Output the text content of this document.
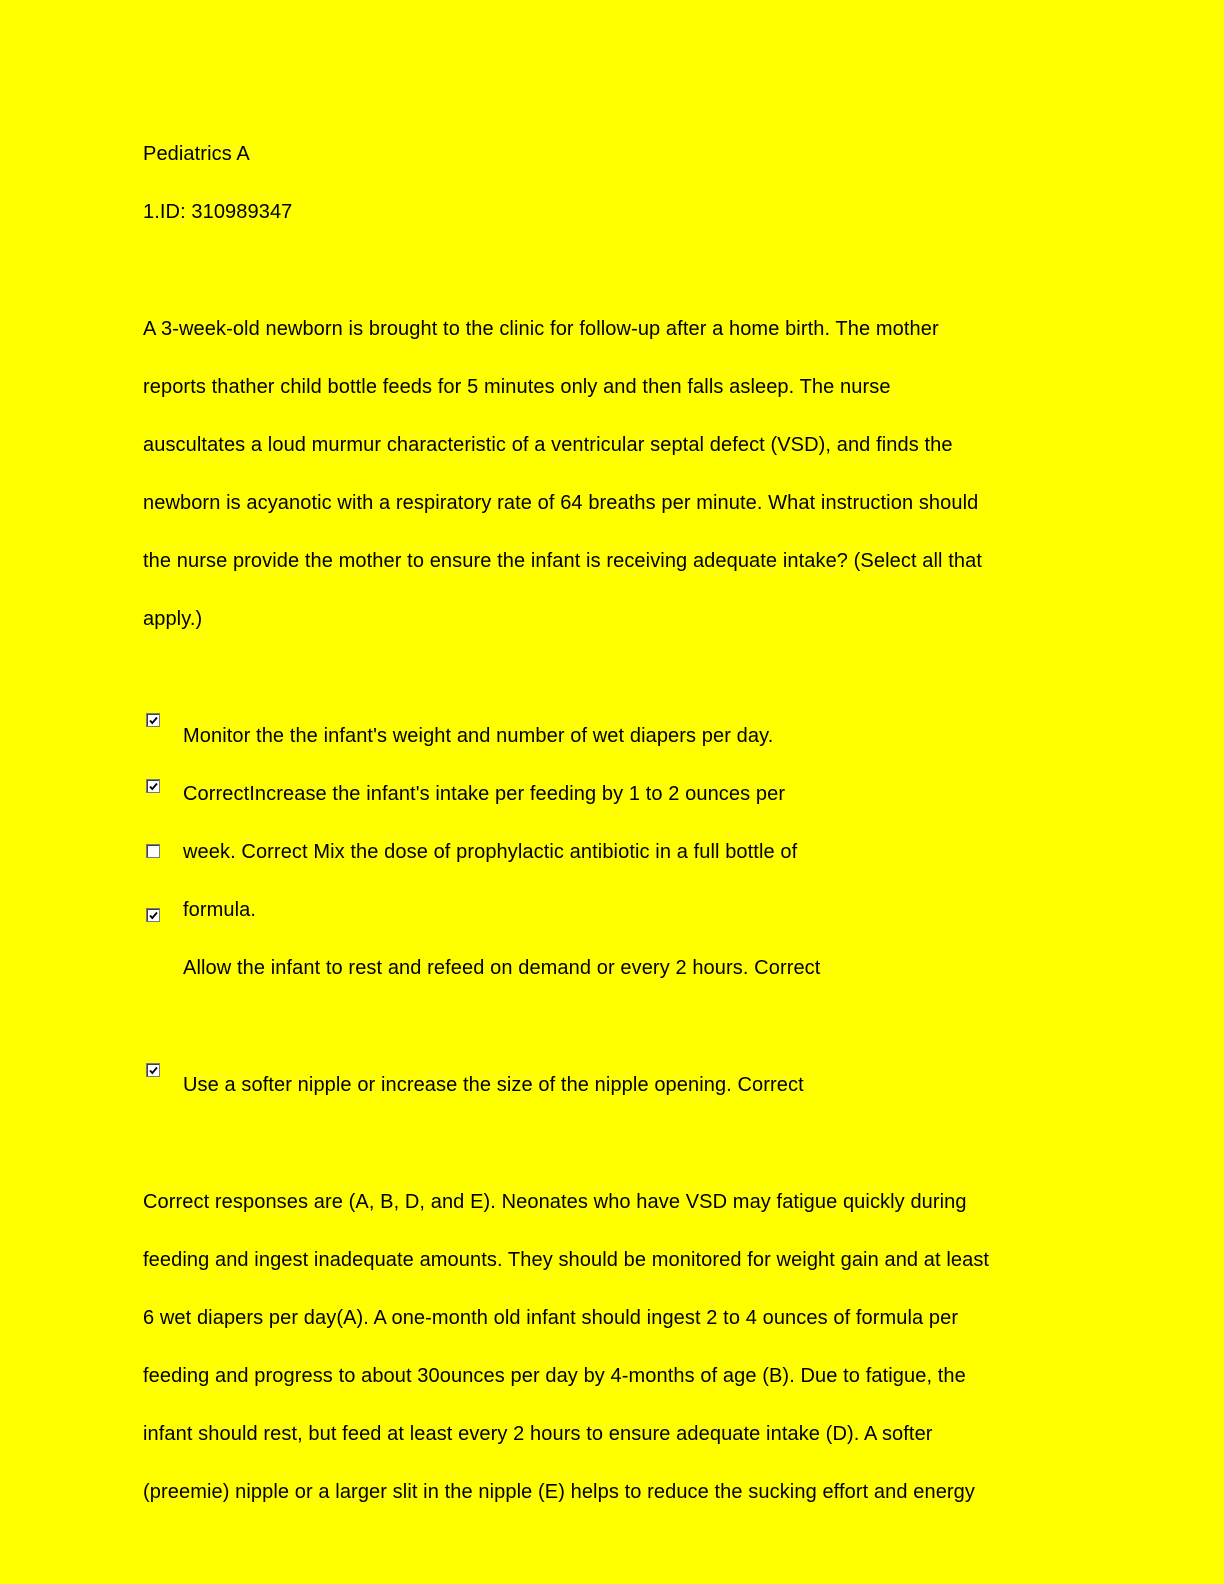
Pediatrics A
1.ID: 310989347
A 3-week-old newborn is brought to the clinic for follow-up after a home birth. The mother
reports thather child bottle feeds for 5 minutes only and then falls asleep. The nurse
auscultates a loud murmur characteristic of a ventricular septal defect (VSD), and finds the
newborn is acyanotic with a respiratory rate of 64 breaths per minute. What instruction should
the nurse provide the mother to ensure the infant is receiving adequate intake? (Select all that
apply.)
Monitor the the infant's weight and number of wet diapers per day.
CorrectIncrease the infant's intake per feeding by 1 to 2 ounces per
week. Correct Mix the dose of prophylactic antibiotic in a full bottle of
formula.
Allow the infant to rest and refeed on demand or every 2 hours. Correct
Use a softer nipple or increase the size of the nipple opening. Correct
Correct responses are (A, B, D, and E). Neonates who have VSD may fatigue quickly during
feeding and ingest inadequate amounts. They should be monitored for weight gain and at least
6 wet diapers per day(A). A one-month old infant should ingest 2 to 4 ounces of formula per
feeding and progress to about 30ounces per day by 4-months of age (B). Due to fatigue, the
infant should rest, but feed at least every 2 hours to ensure adequate intake (D). A softer
(preemie) nipple or a larger slit in the nipple (E) helps to reduce the sucking effort and energy
